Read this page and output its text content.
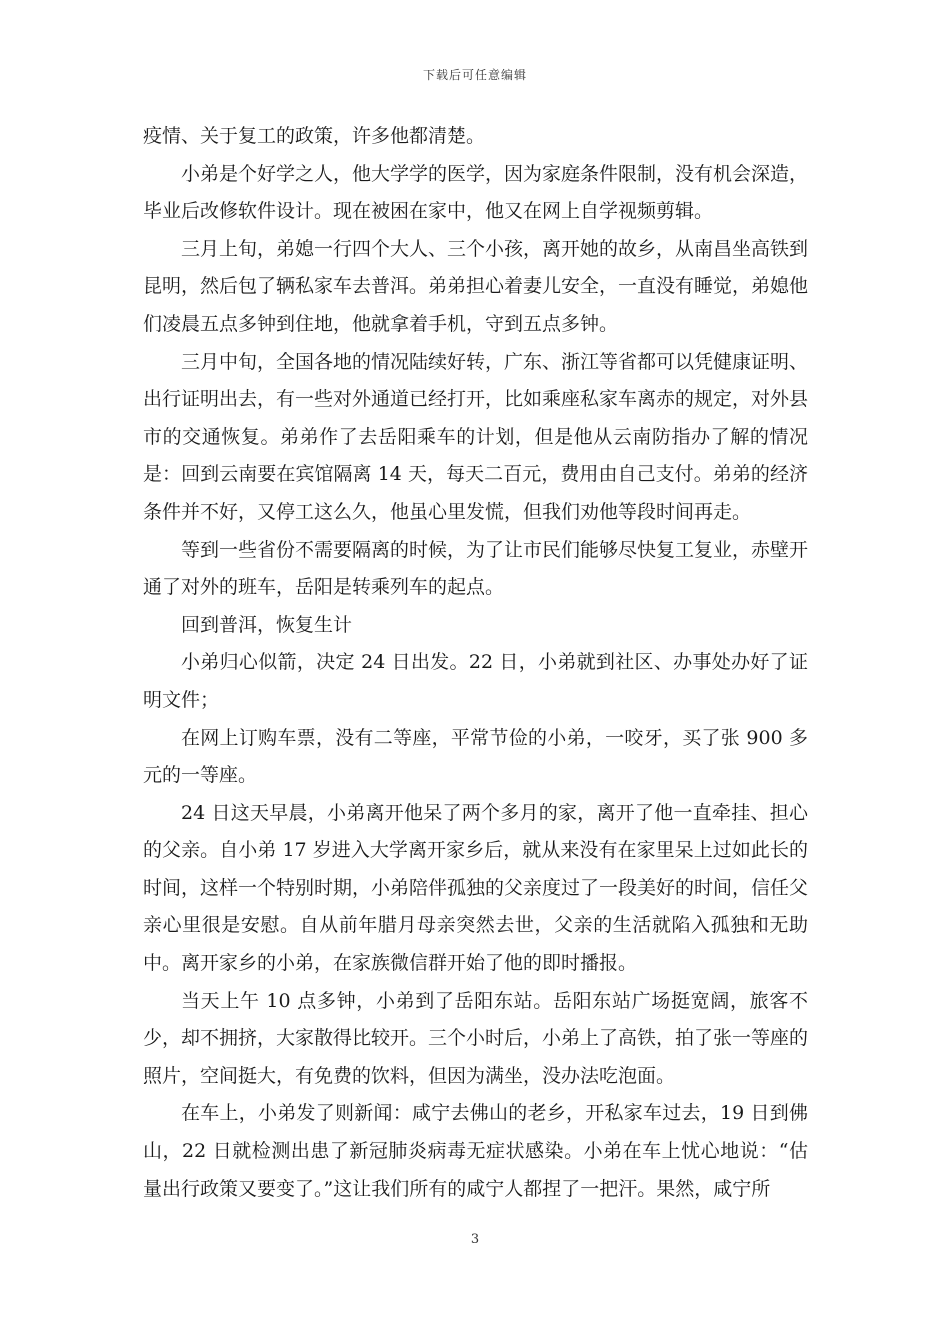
下载后可任意编辑

疫情、关于复工的政策，许多他都清楚。

小弟是个好学之人，他大学学的医学，因为家庭条件限制，没有机会深造，毕业后改修软件设计。现在被困在家中，他又在网上自学视频剪辑。

三月上旬，弟媳一行四个大人、三个小孩，离开她的故乡，从南昌坐高铁到昆明，然后包了辆私家车去普洱。弟弟担心着妻儿安全，一直没有睡觉，弟媳他们凌晨五点多钟到住地，他就拿着手机，守到五点多钟。

三月中旬，全国各地的情况陆续好转，广东、浙江等省都可以凭健康证明、出行证明出去，有一些对外通道已经打开，比如乘座私家车离赤的规定，对外县市的交通恢复。弟弟作了去岳阳乘车的计划，但是他从云南防指办了解的情况是：回到云南要在宾馆隔离 14 天，每天二百元，费用由自己支付。弟弟的经济条件并不好，又停工这么久，他虽心里发慌，但我们劝他等段时间再走。

等到一些省份不需要隔离的时候，为了让市民们能够尽快复工复业，赤壁开通了对外的班车，岳阳是转乘列车的起点。

回到普洱，恢复生计

小弟归心似箭，决定 24 日出发。22 日，小弟就到社区、办事处办好了证明文件；

在网上订购车票，没有二等座，平常节俭的小弟，一咬牙，买了张 900 多元的一等座。

24 日这天早晨，小弟离开他呆了两个多月的家，离开了他一直牵挂、担心的父亲。自小弟 17 岁进入大学离开家乡后，就从来没有在家里呆上过如此长的时间，这样一个特别时期，小弟陪伴孤独的父亲度过了一段美好的时间，信任父亲心里很是安慰。自从前年腊月母亲突然去世，父亲的生活就陷入孤独和无助中。离开家乡的小弟，在家族微信群开始了他的即时播报。

当天上午 10 点多钟，小弟到了岳阳东站。岳阳东站广场挺宽阔，旅客不少，却不拥挤，大家散得比较开。三个小时后，小弟上了高铁，拍了张一等座的照片，空间挺大，有免费的饮料，但因为满坐，没办法吃泡面。

在车上，小弟发了则新闻：咸宁去佛山的老乡，开私家车过去，19 日到佛山，22 日就检测出患了新冠肺炎病毒无症状感染。小弟在车上忧心地说：“估量出行政策又要变了。”这让我们所有的咸宁人都捏了一把汗。果然，咸宁所

3
